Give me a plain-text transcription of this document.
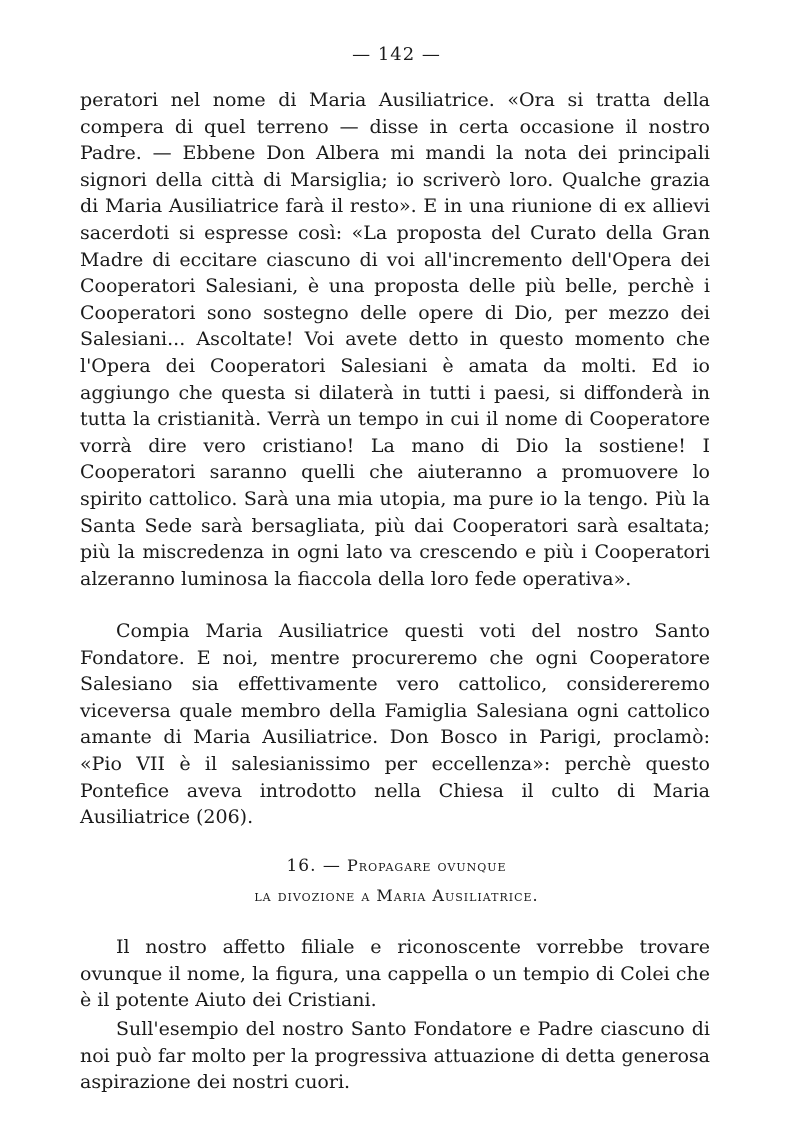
— 142 —

peratori nel nome di Maria Ausiliatrice. «Ora si tratta della compera di quel terreno — disse in certa occasione il nostro Padre. — Ebbene Don Albera mi mandi la nota dei principali signori della città di Marsiglia; io scriverò loro. Qualche grazia di Maria Ausiliatrice farà il resto». E in una riunione di ex allievi sacerdoti si espresse così: «La proposta del Curato della Gran Madre di eccitare ciascuno di voi all'incremento dell'Opera dei Cooperatori Salesiani, è una proposta delle più belle, perchè i Cooperatori sono sostegno delle opere di Dio, per mezzo dei Salesiani... Ascoltate! Voi avete detto in questo momento che l'Opera dei Cooperatori Salesiani è amata da molti. Ed io aggiungo che questa si dilaterà in tutti i paesi, si diffonderà in tutta la cristianità. Verrà un tempo in cui il nome di Cooperatore vorrà dire vero cristiano! La mano di Dio la sostiene! I Cooperatori saranno quelli che aiuteranno a promuovere lo spirito cattolico. Sarà una mia utopia, ma pure io la tengo. Più la Santa Sede sarà bersagliata, più dai Cooperatori sarà esaltata; più la miscredenza in ogni lato va crescendo e più i Cooperatori alzeranno luminosa la fiaccola della loro fede operativa».

Compia Maria Ausiliatrice questi voti del nostro Santo Fondatore. E noi, mentre procureremo che ogni Cooperatore Salesiano sia effettivamente vero cattolico, considereremo viceversa quale membro della Famiglia Salesiana ogni cattolico amante di Maria Ausiliatrice. Don Bosco in Parigi, proclamò: «Pio VII è il salesianissimo per eccellenza»: perchè questo Pontefice aveva introdotto nella Chiesa il culto di Maria Ausiliatrice (206).

16. — Propagare ovunque
la divozione a Maria Ausiliatrice.

Il nostro affetto filiale e riconoscente vorrebbe trovare ovunque il nome, la figura, una cappella o un tempio di Colei che è il potente Aiuto dei Cristiani.

Sull'esempio del nostro Santo Fondatore e Padre ciascuno di noi può far molto per la progressiva attuazione di detta generosa aspirazione dei nostri cuori.
